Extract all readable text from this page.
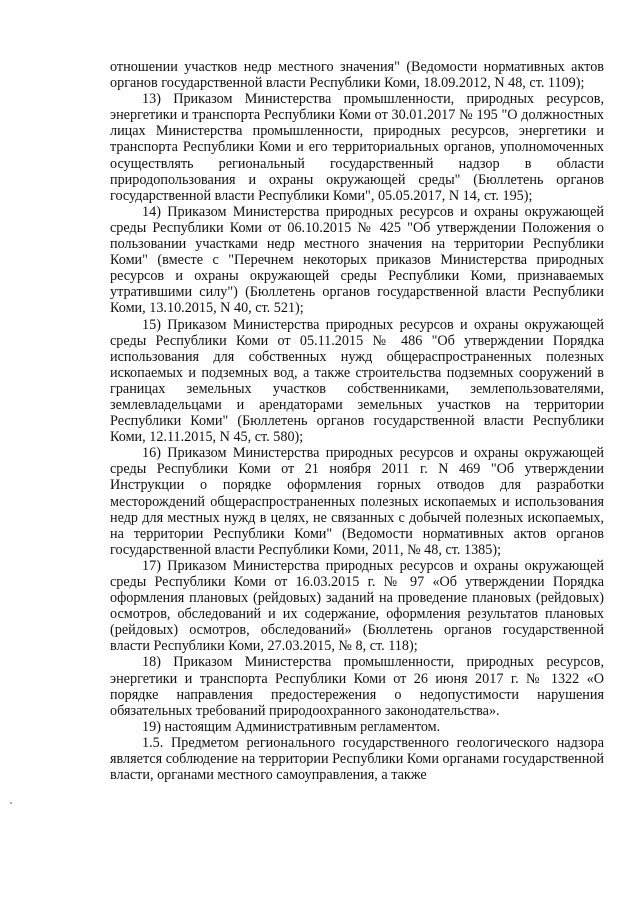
отношении участков недр местного значения" (Ведомости нормативных актов органов государственной власти Республики Коми, 18.09.2012, N 48, ст. 1109);

13) Приказом Министерства промышленности, природных ресурсов, энергетики и транспорта Республики Коми от 30.01.2017 № 195 "О должностных лицах Министерства промышленности, природных ресурсов, энергетики и транспорта Республики Коми и его территориальных органов, уполномоченных осуществлять региональный государственный надзор в области природопользования и охраны окружающей среды" (Бюллетень органов государственной власти Республики Коми", 05.05.2017, N 14, ст. 195);

14) Приказом Министерства природных ресурсов и охраны окружающей среды Республики Коми от 06.10.2015 № 425 "Об утверждении Положения о пользовании участками недр местного значения на территории Республики Коми" (вместе с "Перечнем некоторых приказов Министерства природных ресурсов и охраны окружающей среды Республики Коми, признаваемых утратившими силу") (Бюллетень органов государственной власти Республики Коми, 13.10.2015, N 40, ст. 521);

15) Приказом Министерства природных ресурсов и охраны окружающей среды Республики Коми от 05.11.2015 № 486 "Об утверждении Порядка использования для собственных нужд общераспространенных полезных ископаемых и подземных вод, а также строительства подземных сооружений в границах земельных участков собственниками, землепользователями, землевладельцами и арендаторами земельных участков на территории Республики Коми" (Бюллетень органов государственной власти Республики Коми, 12.11.2015, N 45, ст. 580);

16) Приказом Министерства природных ресурсов и охраны окружающей среды Республики Коми от 21 ноября 2011 г. N 469 "Об утверждении Инструкции о порядке оформления горных отводов для разработки месторождений общераспространенных полезных ископаемых и использования недр для местных нужд в целях, не связанных с добычей полезных ископаемых, на территории Республики Коми" (Ведомости нормативных актов органов государственной власти Республики Коми, 2011, № 48, ст. 1385);

17) Приказом Министерства природных ресурсов и охраны окружающей среды Республики Коми от 16.03.2015 г. № 97 «Об утверждении Порядка оформления плановых (рейдовых) заданий на проведение плановых (рейдовых) осмотров, обследований и их содержание, оформления результатов плановых (рейдовых) осмотров, обследований» (Бюллетень органов государственной власти Республики Коми, 27.03.2015, № 8, ст. 118);

18) Приказом Министерства промышленности, природных ресурсов, энергетики и транспорта Республики Коми от 26 июня 2017 г. № 1322 «О порядке направления предостережения о недопустимости нарушения обязательных требований природоохранного законодательства».

19) настоящим Административным регламентом.

1.5. Предметом регионального государственного геологического надзора является соблюдение на территории Республики Коми органами государственной власти, органами местного самоуправления, а также
